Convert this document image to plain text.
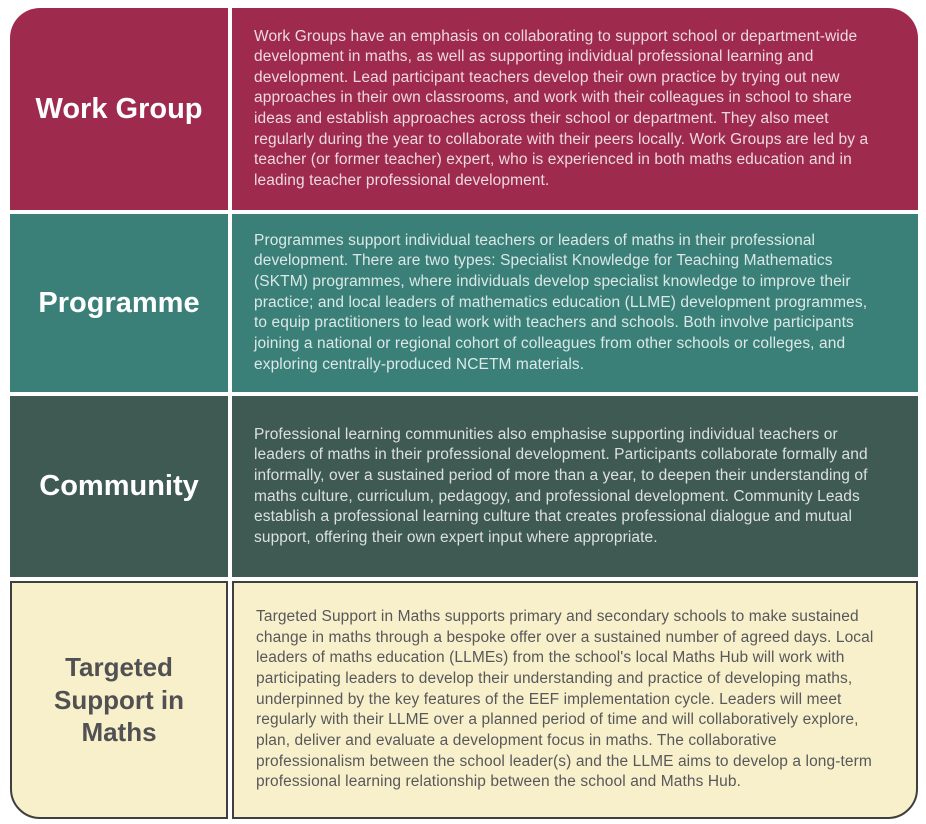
Work Group

Work Groups have an emphasis on collaborating to support school or department-wide development in maths, as well as supporting individual professional learning and development. Lead participant teachers develop their own practice by trying out new approaches in their own classrooms, and work with their colleagues in school to share ideas and establish approaches across their school or department. They also meet regularly during the year to collaborate with their peers locally. Work Groups are led by a teacher (or former teacher) expert, who is experienced in both maths education and in leading teacher professional development.

Programme

Programmes support individual teachers or leaders of maths in their professional development. There are two types: Specialist Knowledge for Teaching Mathematics (SKTM) programmes, where individuals develop specialist knowledge to improve their practice; and local leaders of mathematics education (LLME) development programmes, to equip practitioners to lead work with teachers and schools. Both involve participants joining a national or regional cohort of colleagues from other schools or colleges, and exploring centrally-produced NCETM materials.

Community

Professional learning communities also emphasise supporting individual teachers or leaders of maths in their professional development. Participants collaborate formally and informally, over a sustained period of more than a year, to deepen their understanding of maths culture, curriculum, pedagogy, and professional development. Community Leads establish a professional learning culture that creates professional dialogue and mutual support, offering their own expert input where appropriate.

Targeted Support in Maths

Targeted Support in Maths supports primary and secondary schools to make sustained change in maths through a bespoke offer over a sustained number of agreed days. Local leaders of maths education (LLMEs) from the school's local Maths Hub will work with participating leaders to develop their understanding and practice of developing maths, underpinned by the key features of the EEF implementation cycle. Leaders will meet regularly with their LLME over a planned period of time and will collaboratively explore, plan, deliver and evaluate a development focus in maths. The collaborative professionalism between the school leader(s) and the LLME aims to develop a long-term professional learning relationship between the school and Maths Hub.
